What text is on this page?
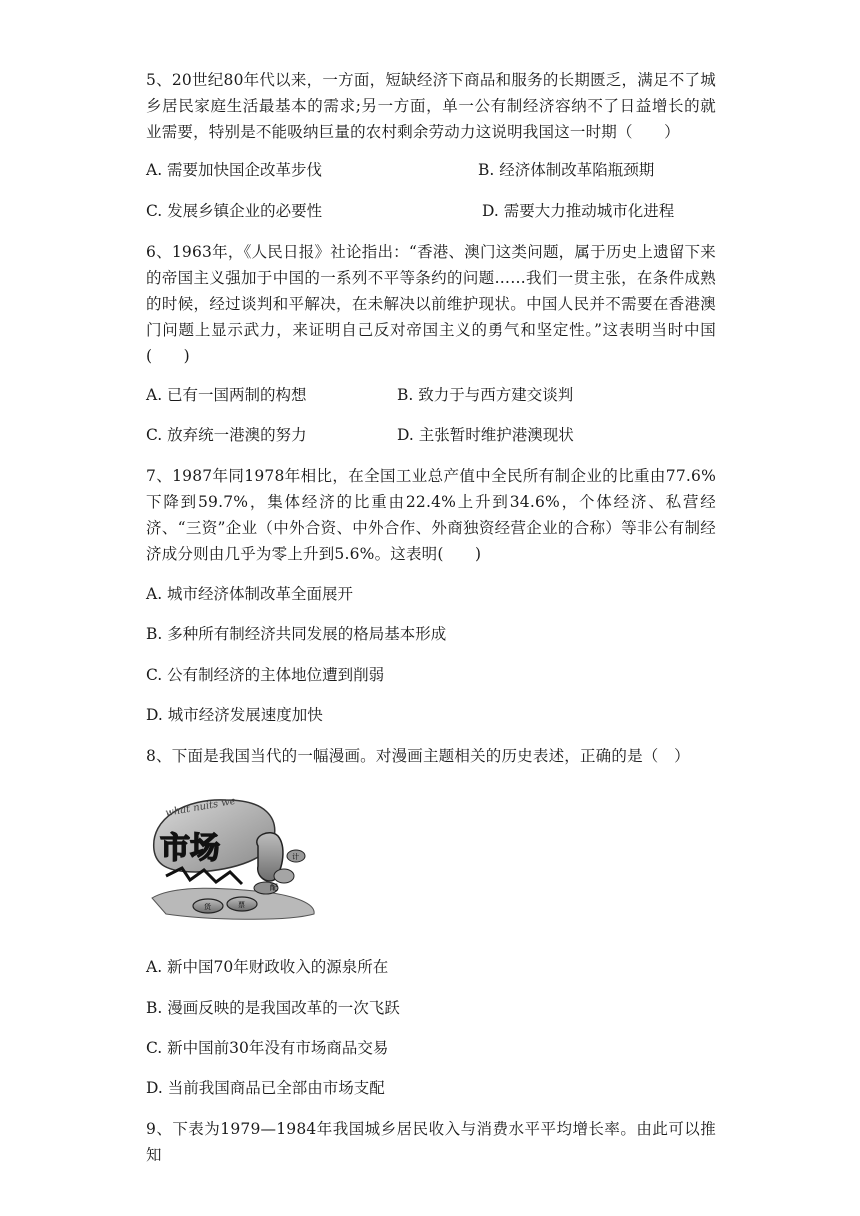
5、20世纪80年代以来，一方面，短缺经济下商品和服务的长期匮乏，满足不了城乡居民家庭生活最基本的需求;另一方面，单一公有制经济容纳不了日益增长的就业需要，特别是不能吸纳巨量的农村剩余劳动力这说明我国这一时期（　　）

A. 需要加快国企改革步伐	B. 经济体制改革陷瓶颈期
C. 发展乡镇企业的必要性	D. 需要大力推动城市化进程

6、1963年，《人民日报》社论指出：“香港、澳门这类问题，属于历史上遗留下来的帝国主义强加于中国的一系列不平等条约的问题……我们一贯主张，在条件成熟的时候，经过谈判和平解决，在未解决以前维护现状。中国人民并不需要在香港澳门问题上显示武力，来证明自己反对帝国主义的勇气和坚定性。”这表明当时中国(　　)

A. 已有一国两制的构想	B. 致力于与西方建交谈判
C. 放弃统一港澳的努力	D. 主张暂时维护港澳现状

7、1987年同1978年相比，在全国工业总产值中全民所有制企业的比重由77.6%下降到59.7%，集体经济的比重由22.4%上升到34.6%，个体经济、私营经济、“三资”企业（中外合资、中外合作、外商独资经营企业的合称）等非公有制经济成分则由几乎为零上升到5.6%。这表明(　　)

A. 城市经济体制改革全面展开
B. 多种所有制经济共同发展的格局基本形成
C. 公有制经济的主体地位遭到削弱
D. 城市经济发展速度加快

8、下面是我国当代的一幅漫画。对漫画主题相关的历史表述，正确的是（　）

what nuits we
市场
配
计
票
货
A. 新中国70年财政收入的源泉所在
B. 漫画反映的是我国改革的一次飞跃
C. 新中国前30年没有市场商品交易
D. 当前我国商品已全部由市场支配

9、下表为1979—1984年我国城乡居民收入与消费水平平均增长率。由此可以推知
